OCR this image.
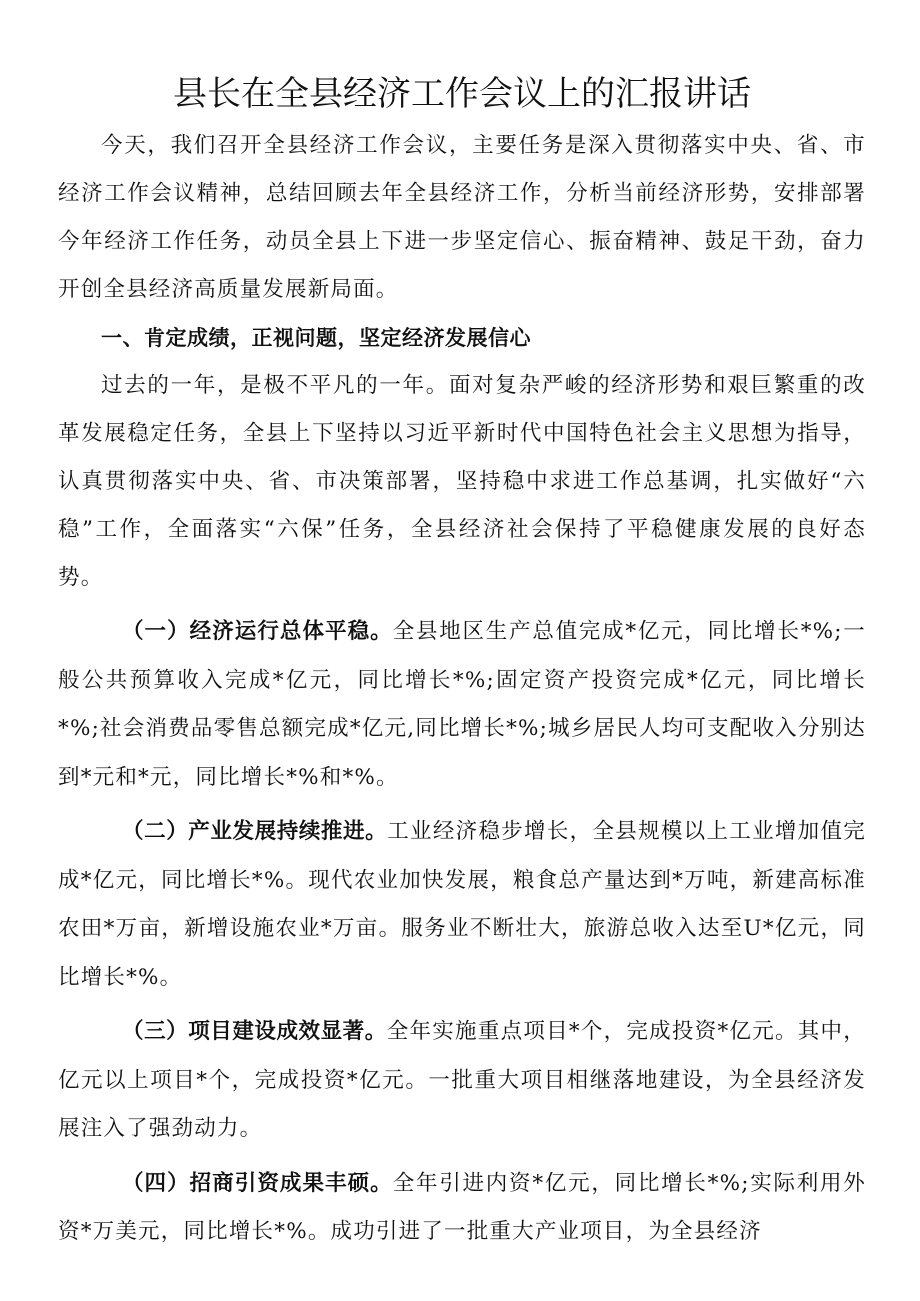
县长在全县经济工作会议上的汇报讲话

今天，我们召开全县经济工作会议，主要任务是深入贯彻落实中央、省、市经济工作会议精神，总结回顾去年全县经济工作，分析当前经济形势，安排部署今年经济工作任务，动员全县上下进一步坚定信心、振奋精神、鼓足干劲，奋力开创全县经济高质量发展新局面。

一、肯定成绩，正视问题，坚定经济发展信心

过去的一年，是极不平凡的一年。面对复杂严峻的经济形势和艰巨繁重的改革发展稳定任务，全县上下坚持以习近平新时代中国特色社会主义思想为指导，认真贯彻落实中央、省、市决策部署，坚持稳中求进工作总基调，扎实做好“六稳”工作，全面落实“六保”任务，全县经济社会保持了平稳健康发展的良好态势。

（一）经济运行总体平稳。全县地区生产总值完成*亿元，同比增长*%;一般公共预算收入完成*亿元，同比增长*%;固定资产投资完成*亿元，同比增长*%;社会消费品零售总额完成*亿元,同比增长*%;城乡居民人均可支配收入分别达到*元和*元，同比增长*%和*%。

（二）产业发展持续推进。工业经济稳步增长，全县规模以上工业增加值完成*亿元，同比增长*%。现代农业加快发展，粮食总产量达到*万吨，新建高标准农田*万亩，新增设施农业*万亩。服务业不断壮大，旅游总收入达至U*亿元，同比增长*%。

（三）项目建设成效显著。全年实施重点项目*个，完成投资*亿元。其中，亿元以上项目*个，完成投资*亿元。一批重大项目相继落地建设，为全县经济发展注入了强劲动力。

（四）招商引资成果丰硕。全年引进内资*亿元，同比增长*%;实际利用外资*万美元，同比增长*%。成功引进了一批重大产业项目，为全县经济
